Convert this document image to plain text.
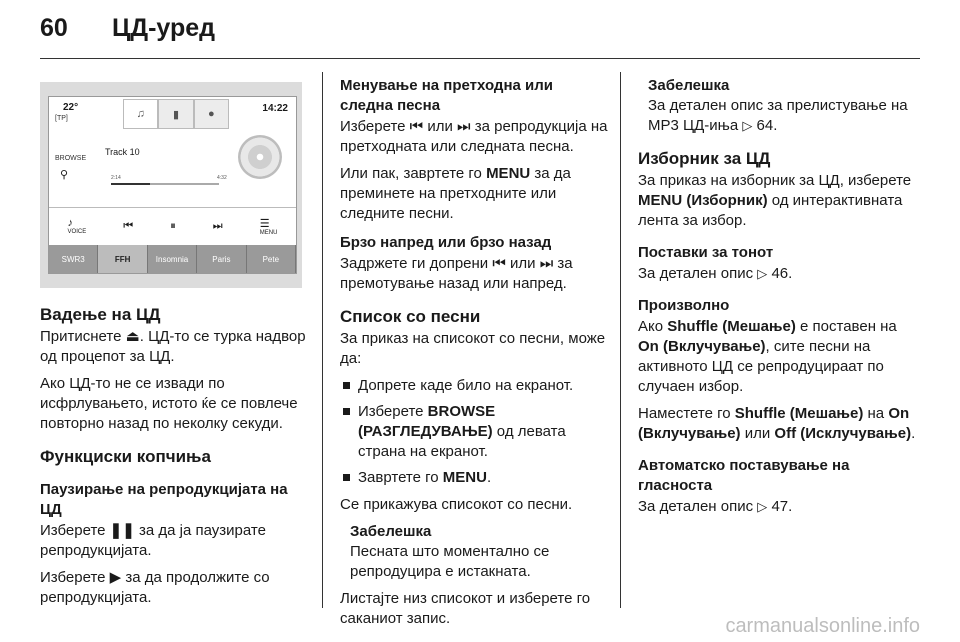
60 ЦД-уред
22°
[TP]
14:22
♫	▮	●
BROWSE
⚲
Track 10
2:14	4:32
♪
VOICE
⏮	⏸	⏭	☰
MENU
SWR3	FFH	Insomnia	Paris	Pete
Вадење на ЦД

Притиснете ⏏. ЦД-то се турка надвор од процепот за ЦД.

Ако ЦД-то не се извади по исфрлувањето, истото ќе се повлече повторно назад по неколку секуди.

Функциски копчиња
Паузирање на репродукцијата на ЦД

Изберете ❚❚ за да ја паузирате репродукцијата.

Изберете ▶ за да продолжите со репродукцијата.

Менување на претходна или следна песна

Изберете ⏮ или ⏭ за репродукција на претходната или следната песна.

Или пак, завртете го MENU за да преминете на претходните или следните песни.

Брзо напред или брзо назад

Задржете ги допрени ⏮ или ⏭ за премотување назад или напред.

Список со песни

За приказ на списокот со песни, може да:

Допрете каде било на екранот.
Изберете BROWSE (РАЗГЛЕДУВАЊЕ) од левата страна на екранот.
Завртете го MENU.

Се прикажува списокот со песни.

Забелешка
Песната што моментално се репродуцира е истакната.

Листајте низ списокот и изберете го саканиот запис.

Забелешка
За детален опис за прелистување на MP3 ЦД-иња ▷ 64.
Изборник за ЦД

За приказ на изборник за ЦД, изберете MENU (Изборник) од интерактивната лента за избор.

Поставки за тонот

За детален опис ▷ 46.

Произволно

Ако Shuffle (Мешање) е поставен на On (Вклучување), сите песни на активното ЦД се репродуцираат по случаен избор.

Наместете го Shuffle (Мешање) на On (Вклучување) или Off (Исклучување).

Автоматско поставување на гласноста

За детален опис ▷ 47.

carmanualsonline.info
